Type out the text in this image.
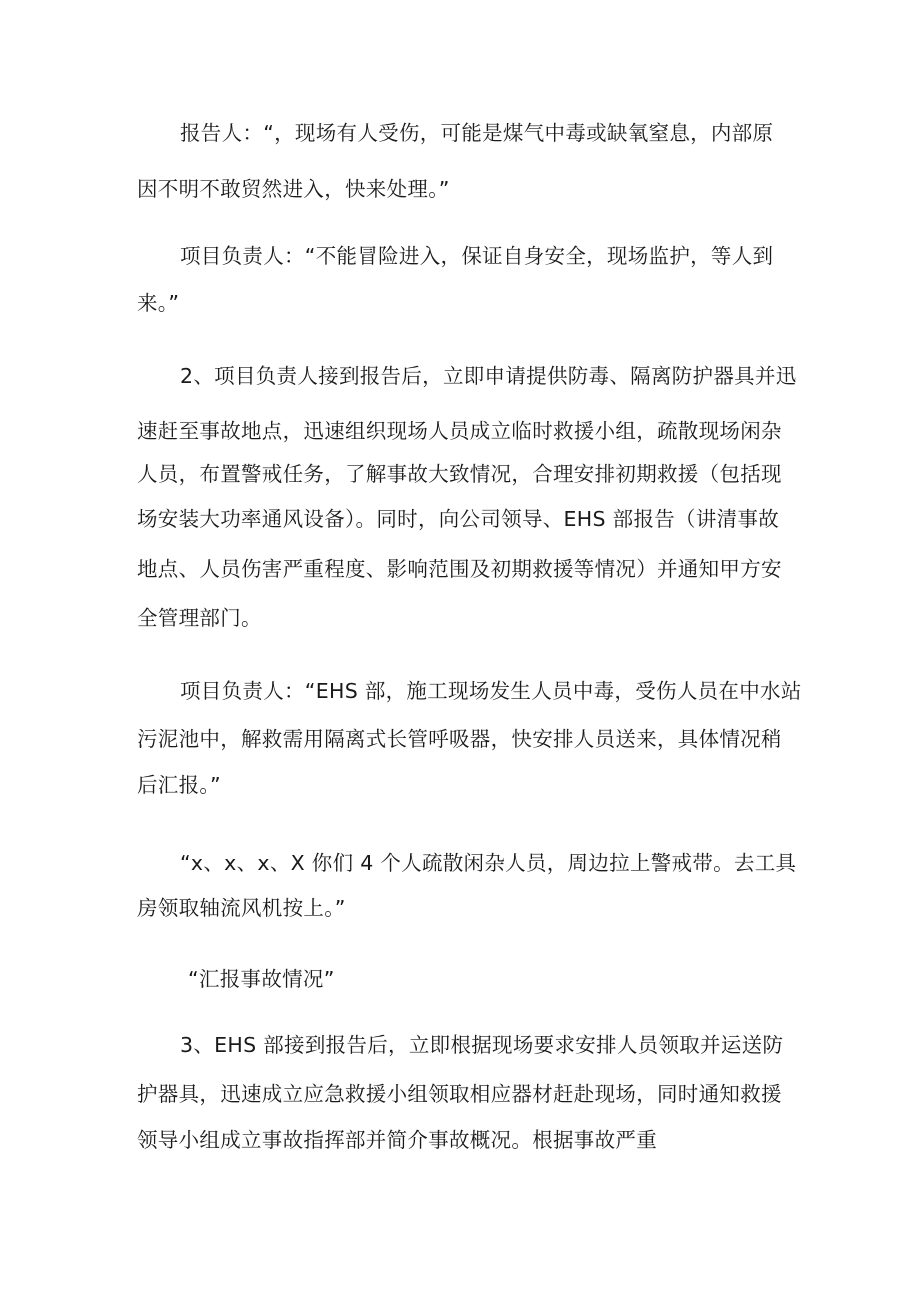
报告人：“，现场有人受伤，可能是煤气中毒或缺氧窒息，内部原
因不明不敢贸然进入，快来处理。”
项目负责人：“不能冒险进入，保证自身安全，现场监护，等人到
来。”
2、项目负责人接到报告后，立即申请提供防毒、隔离防护器具并迅
速赶至事故地点，迅速组织现场人员成立临时救援小组，疏散现场闲杂
人员，布置警戒任务，了解事故大致情况，合理安排初期救援（包括现
场安装大功率通风设备）。同时，向公司领导、EHS 部报告（讲清事故
地点、人员伤害严重程度、影响范围及初期救援等情况）并通知甲方安
全管理部门。
项目负责人：“EHS 部，施工现场发生人员中毒，受伤人员在中水站
污泥池中，解救需用隔离式长管呼吸器，快安排人员送来，具体情况稍
后汇报。”
“x、x、x、X 你们 4 个人疏散闲杂人员，周边拉上警戒带。去工具
房领取轴流风机按上。”
“汇报事故情况”
3、EHS 部接到报告后，立即根据现场要求安排人员领取并运送防
护器具，迅速成立应急救援小组领取相应器材赶赴现场，同时通知救援
领导小组成立事故指挥部并简介事故概况。根据事故严重
